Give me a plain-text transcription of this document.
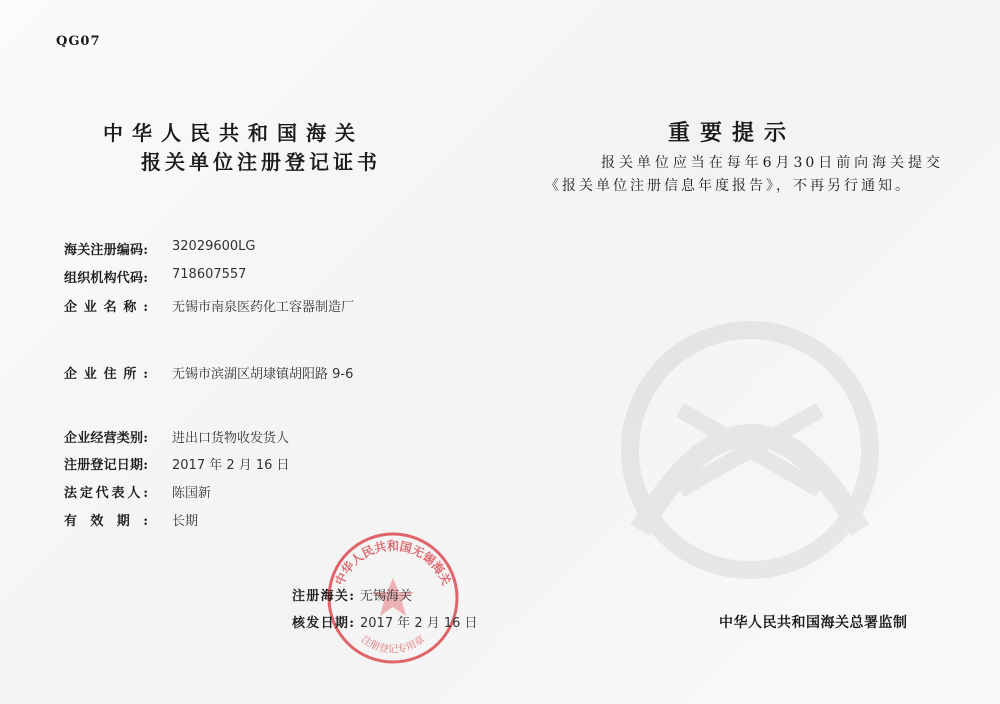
QG07
中华人民共和国海关
报关单位注册登记证书
海关注册编码: 32029600LG
组织机构代码: 718607557
企业名称: 无锡市南泉医药化工容器制造厂
企业住所: 无锡市滨湖区胡埭镇胡阳路 9-6
企业经营类别: 进出口货物收发货人
注册登记日期: 2017 年 2 月 16 日
法定代表人: 陈国新
有效期: 长期
中华人民共和国无锡海关
注册登记专用章
注册海关: 无锡海关
核发日期: 2017 年 2 月 16 日
重要提示
报关单位应当在每年6月30日前向海关提交《报关单位注册信息年度报告》，不再另行通知。
中华人民共和国海关总署监制
